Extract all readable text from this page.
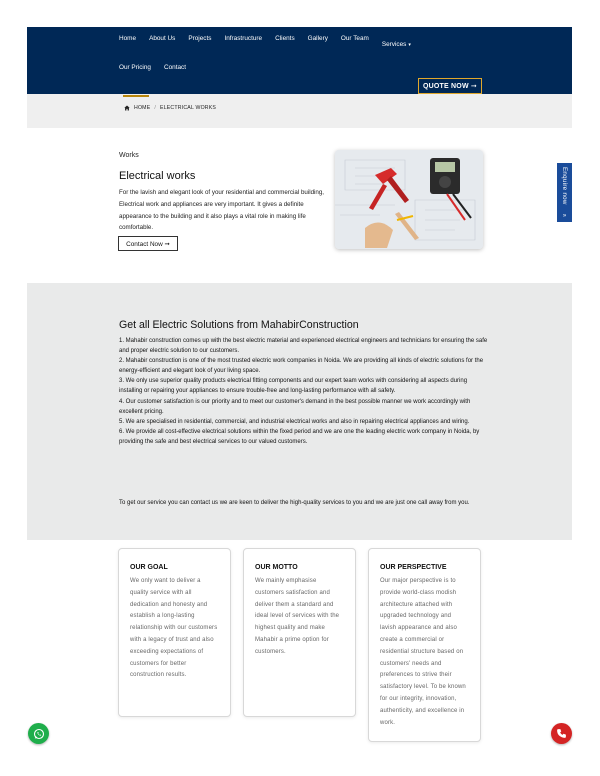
Home About Us Projects Infrastructure Clients Gallery Our Team
Services ▾
Our Pricing Contact
QUOTE NOW ➞
HOME / ELECTRICAL WORKS
Works
Electrical works
For the lavish and elegant look of your residential and commercial building, Electrical work and appliances are very important. It gives a definite appearance to the building and it also plays a vital role in making life comfortable.
Contact Now ➞
Enquire now
»
Get all Electric Solutions from MahabirConstruction

1. Mahabir construction comes up with the best electric material and experienced electrical engineers and technicians for ensuring the safe and proper electric solution to our customers.

2. Mahabir construction is one of the most trusted electric work companies in Noida. We are providing all kinds of electric solutions for the energy-efficient and elegant look of your living space.

3. We only use superior quality products electrical fitting components and our expert team works with considering all aspects during installing or repairing your appliances to ensure trouble-free and long-lasting performance with all safety.

4. Our customer satisfaction is our priority and to meet our customer's demand in the best possible manner we work accordingly with excellent pricing.

5. We are specialised in residential, commercial, and industrial electrical works and also in repairing electrical appliances and wiring.

6. We provide all cost-effective electrical solutions within the fixed period and we are one the leading electric work company in Noida, by providing the safe and best electrical services to our valued customers.

To get our service you can contact us we are keen to deliver the high-quality services to you and we are just one call away from you.
OUR GOAL

We only want to deliver a quality service with all dedication and honesty and establish a long-lasting relationship with our customers with a legacy of trust and also exceeding expectations of customers for better construction results.

OUR MOTTO

We mainly emphasise customers satisfaction and deliver them a standard and ideal level of services with the highest quality and make Mahabir a prime option for customers.

OUR PERSPECTIVE

Our major perspective is to provide world-class modish architecture attached with upgraded technology and lavish appearance and also create a commercial or residential structure based on customers' needs and preferences to strive their satisfactory level. To be known for our integrity, innovation, authenticity, and excellence in work.
